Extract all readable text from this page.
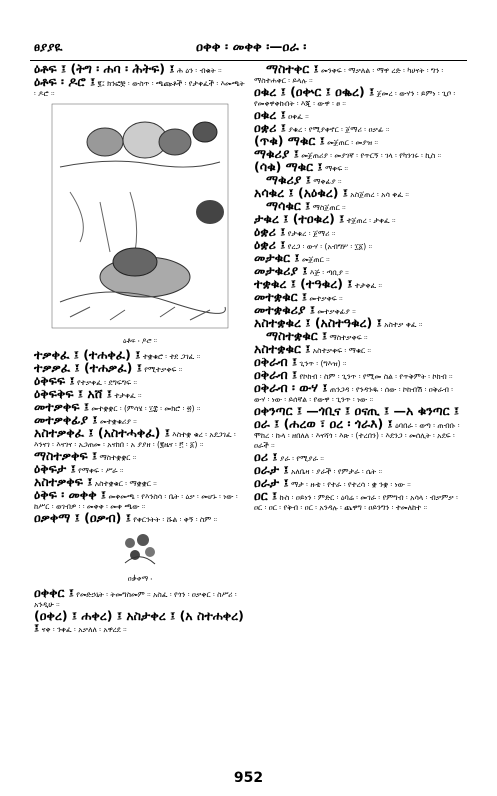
ፀያያዪ	ዐቀቀ ፡ መቀቀ ፡—ዐራ ፡
ዕቶፍ ፤ (ትግ ፡ ሐባ ፡ ሕትፍ) ፤ ሕ ዕን ፡ ብቁት ።
ዕቶፍ ፡ ዶሮ ፤ ፪፤ ክንፎቿ ፡ ውስጥ ፡ ጫጩቶች ፡ የታቀፈች ፡ እመጫት ፡ ዶሮ ።
ዕቶፍ ፡ ዶሮ ።
ተቃቀፈ ፤ (ተሐቀፈ) ፤ ተቋቁሮ ፡ ተደ ጋገፈ ።
ተቃቃፈ ፤ (ተሐቃፈ) ፤ የሚተቃቀፍ ።
ዕቅፍፍ ፤ የተቃቀፈ ፡ ደግፍግፍ ።
ዕቅፍቅፍ ፤ አሸ ፤ ተታቀፈ ።
መተቃቀፍ ፤ መተቋቋር ፡ (ምሳሄ ፡ ፲፰ ፡ መክሮ ፡ ፳) ።
መተቃቀፊያ ፤ መተቋቁሪያ ።
አስተቃቀፈ ፤ (አስተሓቀፈ) ፤ እስተቋ ቁረ ፡ አደጋገፈ ፡ እንናገ ፡ እናገና ፡ አጋጠመ ፡ አናከበ ፡ አ ያያዘ ፡ (፪ዜና ፡ ፫ ፡ ፩) ።
ማስተቃቀፍ ፤ ማስተቋቋር ።
ዕቅፍታ ፤ የማቀፍ ፡ ሥራ ።
አስተቃቀፍ ፤ አስተቋቁር ፡ ማቋቋር ።
ዕቅፍ ፡ መቀቀ ፤ መቀመጫ ፡ የእንስሳ ፡ ቤት ፡ ዕቃ ፡ መሆኑ ፡ ነው ፡ ከሥር ፡ ወገብዎ ፡ ፡ መቀቀ ፡ መቀ ጫው ።
ዐቃቀማ ፤ (ዐቃብ) ፤ የቀርንትት ፡ ሹል ፡ ቀኝ ፡ ስም ።
ዐቃቀማ ፡
ዐቀቀር ፤ የመድኃኒት ፡ ትመግስመም ። አስፈ ፡ የጎን ፡ ዐቃቀር ፡ ስሥሪ ፡ አንዲሁ ።
(ዐቀረ) ፤ ሐቀረ) ፤ አስታቀረ ፤ (አ ስተሐቀረ) ፤ ናቀ ፡ ንቀፈ ፡ አቃለለ ፡ አዋረደ ።
ማስተቀር ፤ መንቀፍ ፡ ማቃለል ፡ ማዋ ረድ ፡ ካሀናት ፡ ግን ፡ ማስተሐቀር ፡ ይላሉ ።
ዐቁረ ፤ (ዐቍር ፤ ዐቈረ) ፤ ጀመረ ፡ ውሃን ፡ ይምነ ፡ ጊቦ ፡ የመቀዋቀኩበት ፡ እጂ ፡ ውዋ ፡ ፀ ።
ዐቁረ ፤ ዐቀፈ ።
ዐቋሪ ፤ ያቁረ ፡ የሚያቀኖር ፡ ጀማሪ ፡ ዐቃፊ ።
(ጥቁ) ማቁር ፤ መጀጠር ፡ መያዝ ።
ማቁሪያ ፤ መጀጠሪያ ፡ መያገኛ ፡ የጥርኝ ፡ ገላ ፡ የካንገሩ ፡ ኪስ ።
(ሳቁ) ማቁር ፤ ማቀፍ ።
ማቁሪያ ፤ ማቀፊያ ።
አሳቁረ ፤ (አዕቁረ) ፤ አስጀጠረ ፡ አሳ ቀፈ ።
ማሳቁር ፤ ማስጀጠር ።
ታቁረ ፤ (ተዐቁረ) ፤ ተጀጠረ ፡ ታቀፈ ።
ዕቋሪ ፤ የታቁረ ፡ ጀማሪ ።
ዕቋሪ ፤ የረጋ ፡ ውሃ ፡ (አብግሦ ፡ ፲፩) ።
መታቁር ፤ መጀጠር ።
መታቁሪያ ፤ እጅ ፡ ጣቢያ ።
ተቋቁረ ፤ (ተዓቁረ) ፤ ተታቀፈ ።
መተቋቁር ፤ መተቃቀፍ ።
መተቋቁሪያ ፤ መተቃቀፊያ ።
አስተቋቁረ ፤ (አስተዓቁረ) ፤ አስተቃ ቀፈ ።
ማስተቋቁር ፤ ማስተቃቀፍ ።
አስተቋቁር ፤ አስተቃቀፍ ፡ ማቁር ።
ዐቅራብ ፤ ጊንጥ ፡ (ግእዝ) ።
ዐቅራብ ፤ የኮከብ ፡ ስም ፡ ጊንጥ ፡ የሚመ ስል ፡ የጥቅምት ፡ ኮከብ ።
ዐቅራብ ፡ ውሃ ፤ ጠንጋዳ ፡ የንዳንዱ ፡ ሰው ፡ ኮከብሽ ፡ ዐቅራብ ፡ ውሃ ፡ ነው ፡ ይሰኛል ፡ የውዋ ፡ ጊንጥ ፡ ነው ።
ዐቀንጣር ፤ —ጎቢና ፤ ዐናጢ ፤ —አ ቁንጣር ፤
ዐራ ፤ (ሐረወ ፣ ዐረ ፡ ጎራእ) ፤ ዕባበራ ፡ ወጣ ፡ ጠብቡ ፡ ሞከረ ፡ ኩላ ፡ ዘበለለ ፡ እናሻጎ ፡ እጽ ፡ (ተረበን) ፡ እደንጋ ፡ መሰሊት ፡ አደፍ ፡ ዐራች ።
ዐሪ ፤ ያራ ፡ የሚያራ ።
ዐራታ ፤ አለቤዛ ፡ ያራች ፡ የምታራ ፡ ሴት ።
ዐራታ ፤ ማታ ፡ ዙቴ ፡ የተራ ፡ የተረሳ ፡ ቋ ንቋ ፡ ነው ።
ዐር ፤ ኩስ ፡ ዐይነን ፡ ምድር ፡ ዕባሬ ፡ መገራ ፡ የምግብ ፡ አሳላ ፡ ብቃምቃ ፡ ዐር ፡ ዐር ፡ የቅብ ፡ ዐር ፡ አንዳሉ ፡ ጨዋግ ፡ ዐይንግን ፡ ተመለከተ ።
952
